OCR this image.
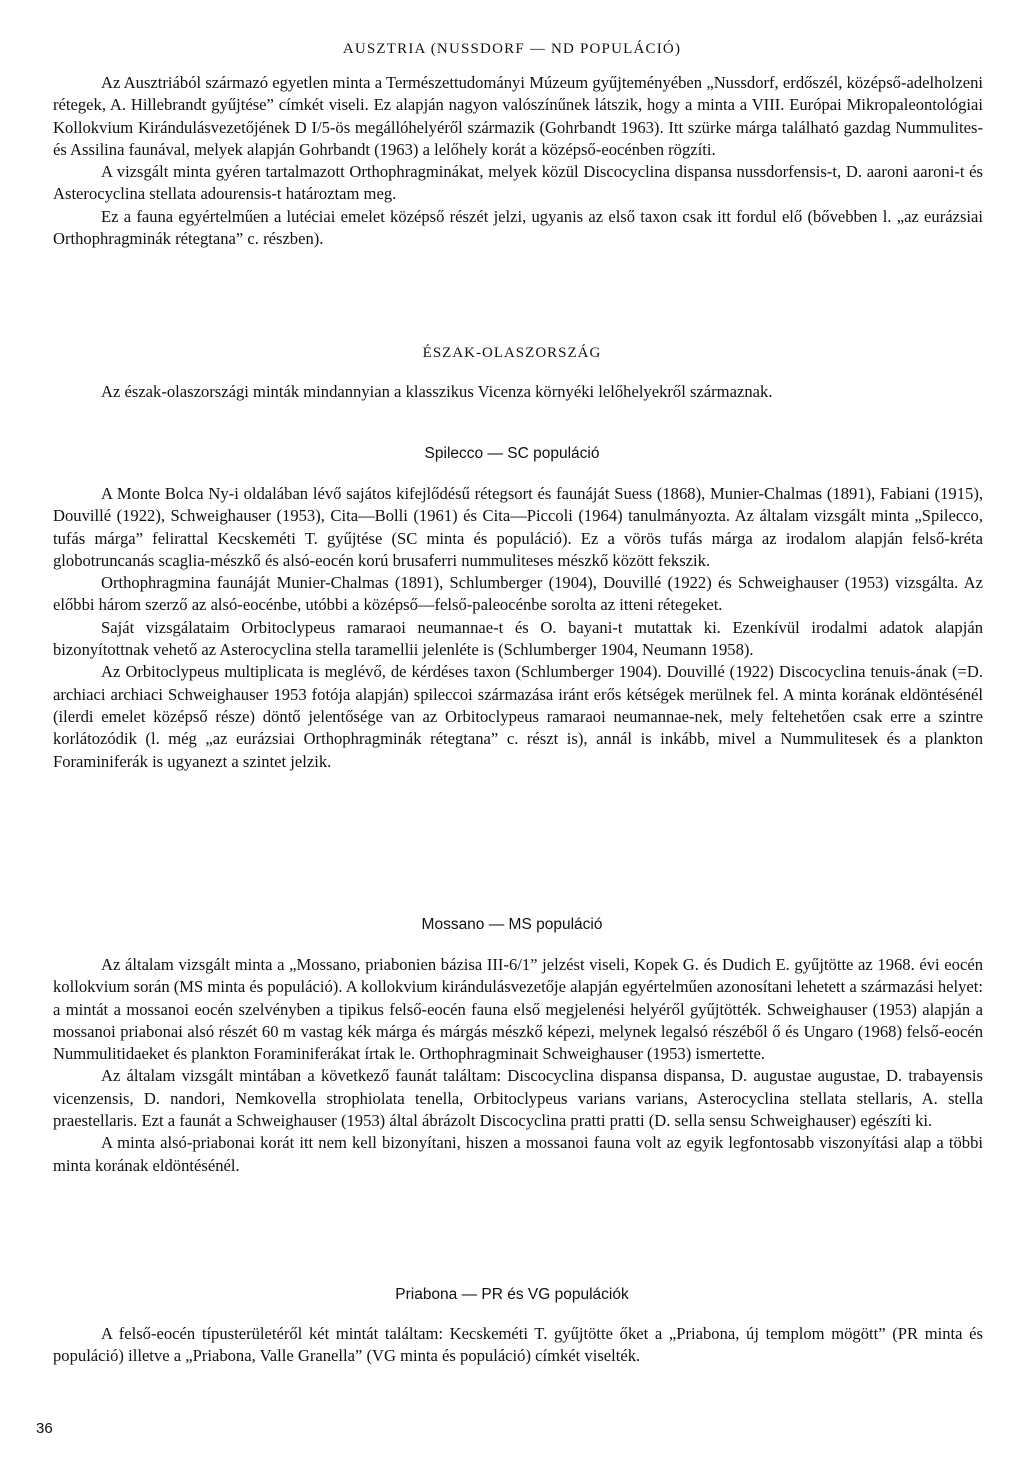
AUSZTRIA (NUSSDORF — ND POPULÁCIÓ)

Az Ausztriából származó egyetlen minta a Természettudományi Múzeum gyűjteményében „Nussdorf, erdőszél, középső-adelholzeni rétegek, A. Hillebrandt gyűjtése” címkét viseli. Ez alapján nagyon valószínűnek látszik, hogy a minta a VIII. Európai Mikropaleontológiai Kollokvium Kirándulásvezetőjének D I/5-ös megállóhelyéről származik (Gohrbandt 1963). Itt szürke márga található gazdag Nummulites- és Assilina faunával, melyek alapján Gohrbandt (1963) a lelőhely korát a középső-eocénben rögzíti.

A vizsgált minta gyéren tartalmazott Orthophragminákat, melyek közül Discocyclina dispansa nussdorfensis-t, D. aaroni aaroni-t és Asterocyclina stellata adourensis-t határoztam meg.

Ez a fauna egyértelműen a lutéciai emelet középső részét jelzi, ugyanis az első taxon csak itt fordul elő (bővebben l. „az eurázsiai Orthophragminák rétegtana” c. részben).

ÉSZAK-OLASZORSZÁG

Az észak-olaszországi minták mindannyian a klasszikus Vicenza környéki lelőhelyekről származnak.

Spilecco — SC populáció

A Monte Bolca Ny-i oldalában lévő sajátos kifejlődésű rétegsort és faunáját Suess (1868), Munier-Chalmas (1891), Fabiani (1915), Douvillé (1922), Schweighauser (1953), Cita—Bolli (1961) és Cita—Piccoli (1964) tanulmányozta. Az általam vizsgált minta „Spilecco, tufás márga” felirattal Kecskeméti T. gyűjtése (SC minta és populáció). Ez a vörös tufás márga az irodalom alapján felső-kréta globotruncanás scaglia-mészkő és alsó-eocén korú brusaferri nummuliteses mészkő között fekszik.

Orthophragmina faunáját Munier-Chalmas (1891), Schlumberger (1904), Douvillé (1922) és Schweighauser (1953) vizsgálta. Az előbbi három szerző az alsó-eocénbe, utóbbi a középső—felső-paleocénbe sorolta az itteni rétegeket.

Saját vizsgálataim Orbitoclypeus ramaraoi neumannae-t és O. bayani-t mutattak ki. Ezenkívül irodalmi adatok alapján bizonyítottnak vehető az Asterocyclina stella taramellii jelenléte is (Schlumberger 1904, Neumann 1958).

Az Orbitoclypeus multiplicata is meglévő, de kérdéses taxon (Schlumberger 1904). Douvillé (1922) Discocyclina tenuis-ának (=D. archiaci archiaci Schweighauser 1953 fotója alapján) spileccoi származása iránt erős kétségek merülnek fel. A minta korának eldöntésénél (ilerdi emelet középső része) döntő jelentősége van az Orbitoclypeus ramaraoi neumannae-nek, mely feltehetően csak erre a szintre korlátozódik (l. még „az eurázsiai Orthophragminák rétegtana” c. részt is), annál is inkább, mivel a Nummulitesek és a plankton Foraminiferák is ugyanezt a szintet jelzik.

Mossano — MS populáció

Az általam vizsgált minta a „Mossano, priabonien bázisa III-6/1” jelzést viseli, Kopek G. és Dudich E. gyűjtötte az 1968. évi eocén kollokvium során (MS minta és populáció). A kollokvium kirándulásvezetője alapján egyértelműen azonosítani lehetett a származási helyet: a mintát a mossanoi eocén szelvényben a tipikus felső-eocén fauna első megjelenési helyéről gyűjtötték. Schweighauser (1953) alapján a mossanoi priabonai alsó részét 60 m vastag kék márga és márgás mészkő képezi, melynek legalsó részéből ő és Ungaro (1968) felső-eocén Nummulitidaeket és plankton Foraminiferákat írtak le. Orthophragminait Schweighauser (1953) ismertette.

Az általam vizsgált mintában a következő faunát találtam: Discocyclina dispansa dispansa, D. augustae augustae, D. trabayensis vicenzensis, D. nandori, Nemkovella strophiolata tenella, Orbitoclypeus varians varians, Asterocyclina stellata stellaris, A. stella praestellaris. Ezt a faunát a Schweighauser (1953) által ábrázolt Discocyclina pratti pratti (D. sella sensu Schweighauser) egészíti ki.

A minta alsó-priabonai korát itt nem kell bizonyítani, hiszen a mossanoi fauna volt az egyik legfontosabb viszonyítási alap a többi minta korának eldöntésénél.

Priabona — PR és VG populációk

A felső-eocén típusterületéről két mintát találtam: Kecskeméti T. gyűjtötte őket a „Priabona, új templom mögött” (PR minta és populáció) illetve a „Priabona, Valle Granella” (VG minta és populáció) címkét viselték.

36
